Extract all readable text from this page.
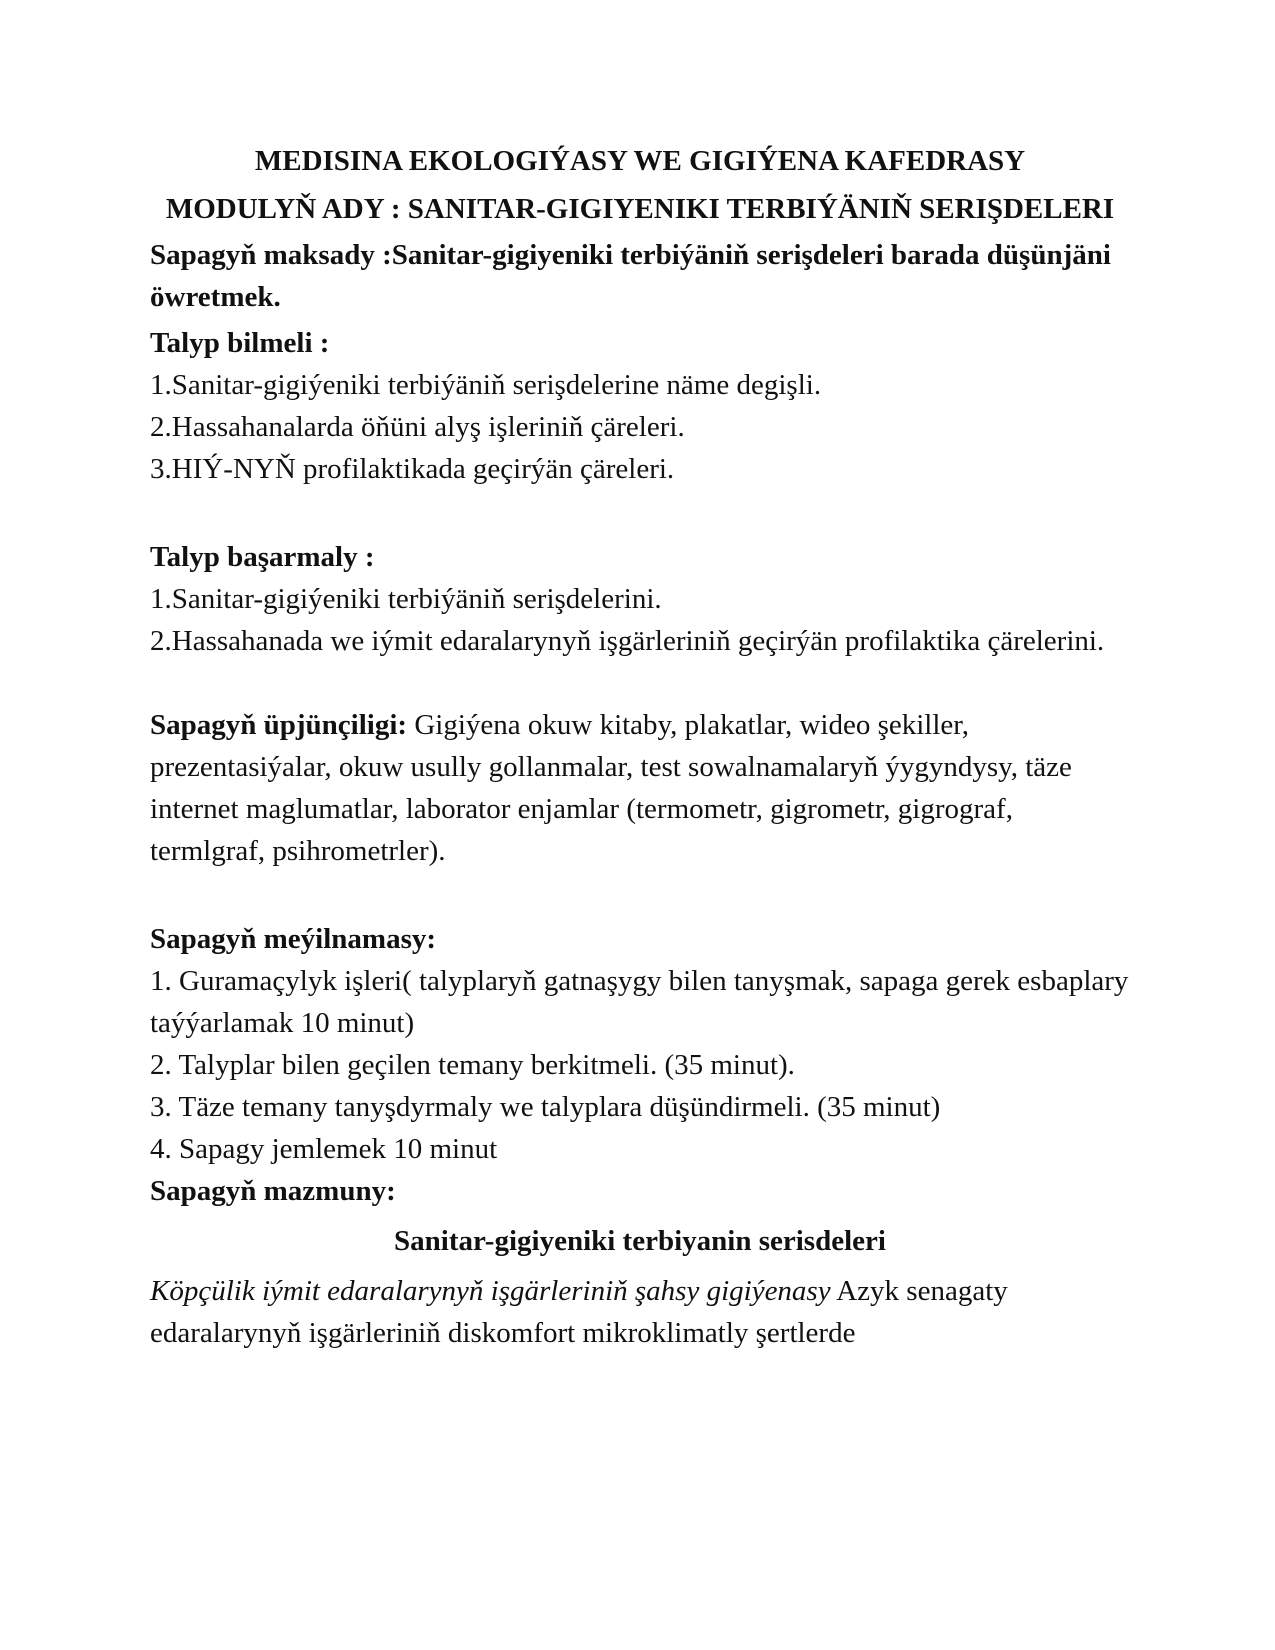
MEDISINA EKOLOGIÝASY WE GIGIÝENA KAFEDRASY
MODULYŇ ADY : SANITAR-GIGIYENIKI TERBIÝÄNIŇ SERIŞDELERI
Sapagyň maksady :Sanitar-gigiyeniki terbiýäniň serişdeleri barada düşünjäni öwretmek.
Talyp bilmeli :
1.Sanitar-gigiýeniki terbiýäniň serişdelerine näme degişli.
2.Hassahanalarda öňüni alyş işleriniň çäreleri.
3.HIÝ-NYŇ profilaktikada geçirýän çäreleri.
Talyp başarmaly :
1.Sanitar-gigiýeniki terbiýäniň serişdelerini.
2.Hassahanada we iýmit edaralarynyň işgärleriniň geçirýän profilaktika çärelerini.
Sapagyň üpjünçiligi: Gigiýena okuw kitaby, plakatlar, wideo şekiller, prezentasiýalar, okuw usully gollanmalar, test sowalnamalaryň ýygyndysy, täze internet maglumatlar, laborator enjamlar (termometr, gigrometr, gigrograf, termlgraf, psihrometrler).
Sapagyň meýilnamasy:
1. Guramaçylyk işleri( talyplaryň gatnaşygy bilen tanyşmak, sapaga gerek esbaplary taýýarlamak 10 minut)
2. Talyplar bilen geçilen temany berkitmeli. (35 minut).
3. Täze temany tanyşdyrmaly we talyplara düşündirmeli. (35 minut)
4. Sapagy jemlemek 10 minut
Sapagyň mazmuny:
Sanitar-gigiyeniki terbiyanin serisdeleri
Köpçülik iýmit edaralarynyň işgärleriniň şahsy gigiýenasy Azyk senagaty edaralarynyň işgärleriniň diskomfort mikroklimatly şertlerde
